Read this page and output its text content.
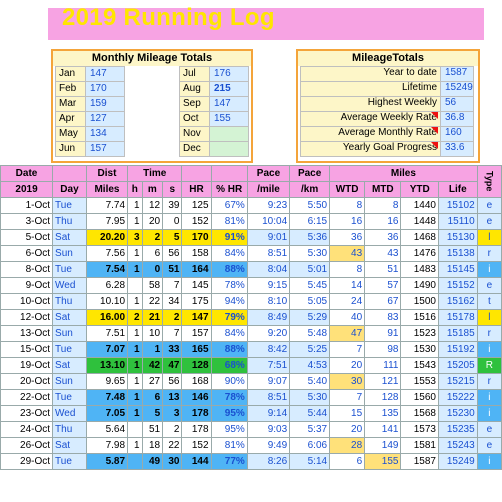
2019 Running Log
Monthly Mileage Totals
Jan	147
Feb	170
Mar	159
Apr	127
May	134
Jun	157
Jul	176
Aug	215
Sep	147
Oct	155
Nov
Dec
MileageTotals
Year to date 1587
Lifetime 15249
Highest Weekly 56
Average Weekly Rate 36.8
Average Monthly Rate 160
Yearly Goal Progress 33.6
Date		Dist	Time					Pace	Pace	Miles				Type
2019	Day	Miles	h	m	s	HR	% HR	/mile	/km	WTD	MTD	YTD	Life	
1-Oct	Tue	7.74	1	12	39	125	67%	9:23	5:50	8	8	1440	15102	e
3-Oct	Thu	7.95	1	20	0	152	81%	10:04	6:15	16	16	1448	15110	e
5-Oct	Sat	20.20	3	2	5	170	91%	9:01	5:36	36	36	1468	15130	l
6-Oct	Sun	7.56	1	6	56	158	84%	8:51	5:30	43	43	1476	15138	r
8-Oct	Tue	7.54	1	0	51	164	88%	8:04	5:01	8	51	1483	15145	i
9-Oct	Wed	6.28		58	7	145	78%	9:15	5:45	14	57	1490	15152	e
10-Oct	Thu	10.10	1	22	34	175	94%	8:10	5:05	24	67	1500	15162	t
12-Oct	Sat	16.00	2	21	2	147	79%	8:49	5:29	40	83	1516	15178	l
13-Oct	Sun	7.51	1	10	7	157	84%	9:20	5:48	47	91	1523	15185	r
15-Oct	Tue	7.07	1	1	33	165	88%	8:42	5:25	7	98	1530	15192	i
19-Oct	Sat	13.10	1	42	47	128	68%	7:51	4:53	20	111	1543	15205	R
20-Oct	Sun	9.65	1	27	56	168	90%	9:07	5:40	30	121	1553	15215	r
22-Oct	Tue	7.48	1	6	13	146	78%	8:51	5:30	7	128	1560	15222	i
23-Oct	Wed	7.05	1	5	3	178	95%	9:14	5:44	15	135	1568	15230	i
24-Oct	Thu	5.64		51	2	178	95%	9:03	5:37	20	141	1573	15235	e
26-Oct	Sat	7.98	1	18	22	152	81%	9:49	6:06	28	149	1581	15243	e
29-Oct	Tue	5.87		49	30	144	77%	8:26	5:14	6	155	1587	15249	i
